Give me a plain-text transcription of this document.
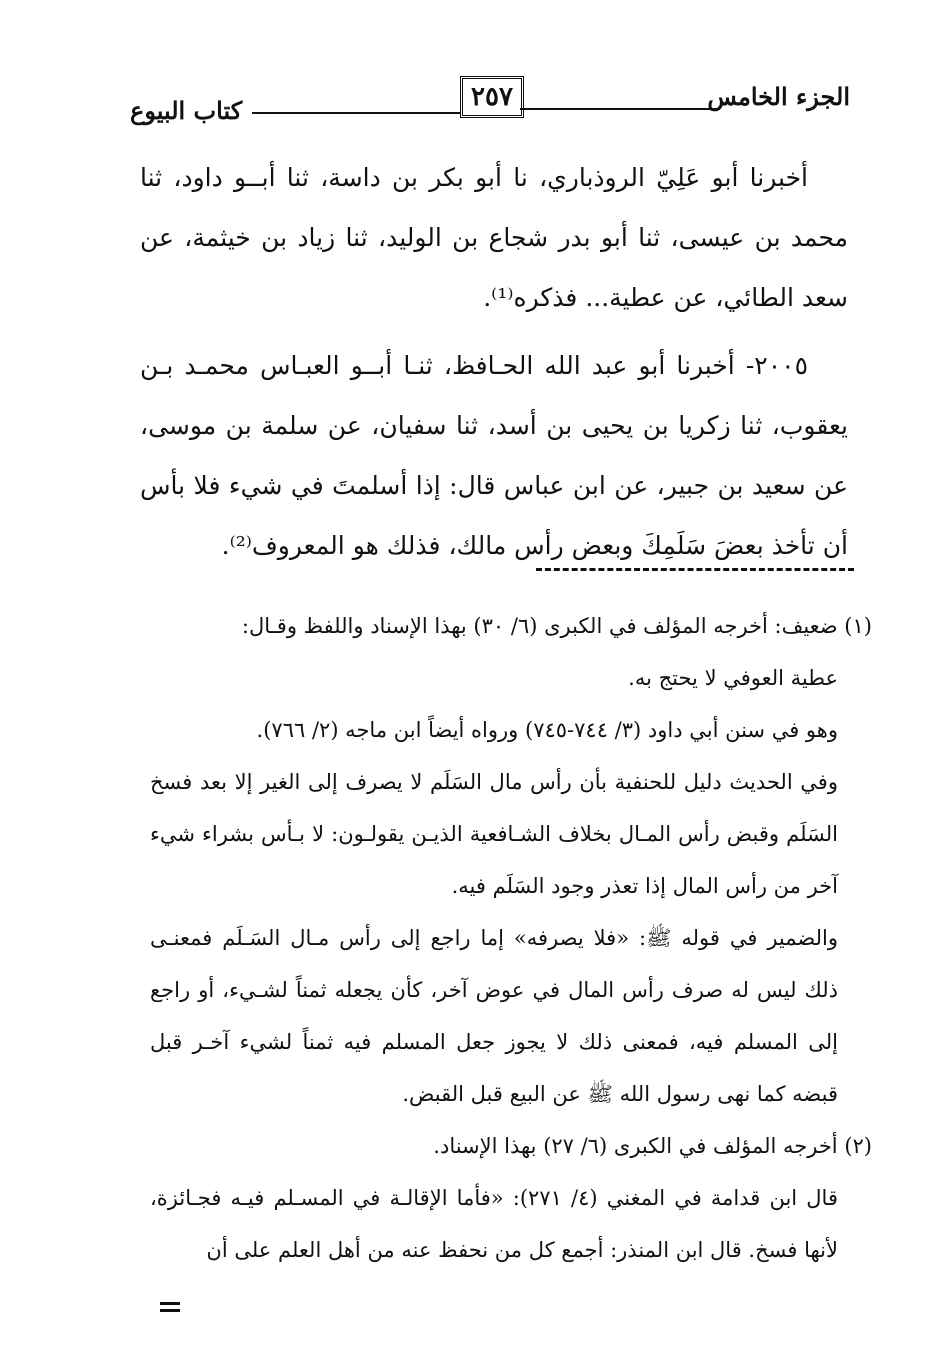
الجزء الخامس
٢٥٧
كتاب البيوع

أخبرنا أبو عَلِيّ الروذباري، نا أبو بكر بن داسة، ثنا أبــو داود، ثنا محمد بن عيسى، ثنا أبو بدر شجاع بن الوليد، ثنا زياد بن خيثمة، عن سعد الطائي، عن عطية... فذكره⁽¹⁾.

٢٠٠٥- أخبرنا أبو عبد الله الحـافظ، ثنـا أبــو العبـاس محمـد بـن يعقوب، ثنا زكريا بن يحيى بن أسد، ثنا سفيان، عن سلمة بن موسى، عن سعيد بن جبير، عن ابن عباس قال: إذا أسلمتَ في شيء فلا بأس أن تأخذ بعضَ سَلَمِكَ وبعض رأس مالك، فذلك هو المعروف⁽²⁾.

(١) ضعيف: أخرجه المؤلف في الكبرى (٦/ ٣٠) بهذا الإسناد واللفظ وقـال:

عطية العوفي لا يحتج به.

وهو في سنن أبي داود (٣/ ٧٤٤-٧٤٥) ورواه أيضاً ابن ماجه (٢/ ٧٦٦).

وفي الحديث دليل للحنفية بأن رأس مال السَلَم لا يصرف إلى الغير إلا بعد فسخ السَلَم وقبض رأس المـال بخلاف الشـافعية الذيـن يقولـون: لا بـأس بشراء شيء آخر من رأس المال إذا تعذر وجود السَلَم فيه.

والضمير في قوله ﷺ: «فلا يصرفه» إما راجع إلى رأس مـال السَـلَم فمعنـى ذلك ليس له صرف رأس المال في عوض آخر، كأن يجعله ثمناً لشـيء، أو راجع إلى المسلم فيه، فمعنى ذلك لا يجوز جعل المسلم فيه ثمناً لشيء آخـر قبل قبضه كما نهى رسول الله ﷺ عن البيع قبل القبض.

(٢) أخرجه المؤلف في الكبرى (٦/ ٢٧) بهذا الإسناد.

قال ابن قدامة في المغني (٤/ ٢٧١): «فأما الإقالـة في المسـلم فيـه فجـائزة، لأنها فسخ. قال ابن المنذر: أجمع كل من نحفظ عنه من أهل العلم على أن
